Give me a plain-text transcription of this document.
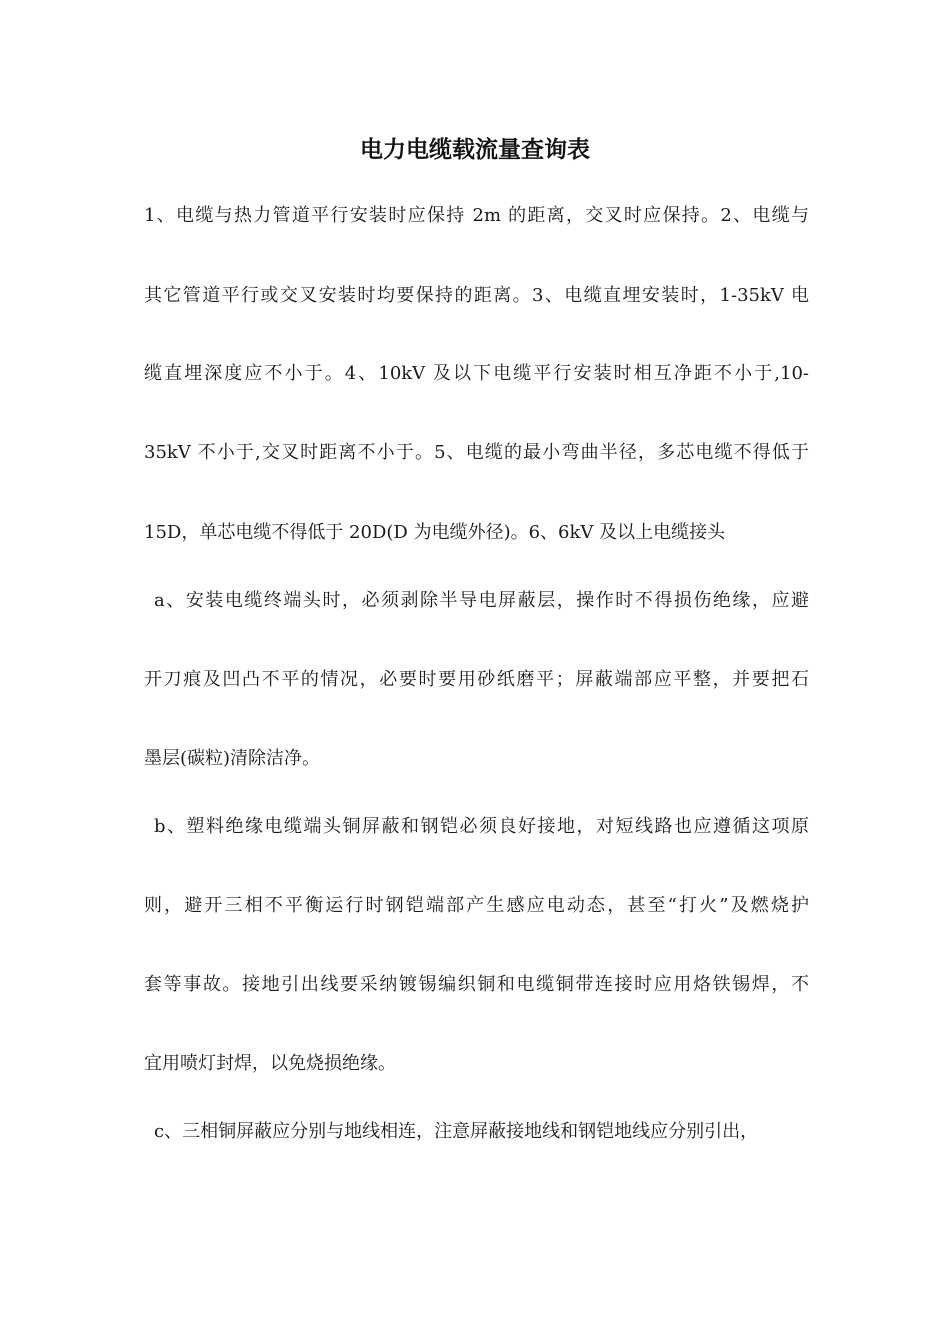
电力电缆载流量查询表

1、电缆与热力管道平行安装时应保持 2m 的距离，交叉时应保持。2、电缆与

其它管道平行或交叉安装时均要保持的距离。3、电缆直埋安装时，1-35kV 电

缆直埋深度应不小于。4、10kV 及以下电缆平行安装时相互净距不小于,10-

35kV 不小于,交叉时距离不小于。5、电缆的最小弯曲半径，多芯电缆不得低于

15D，单芯电缆不得低于 20D(D 为电缆外径)。6、6kV 及以上电缆接头

a、安装电缆终端头时，必须剥除半导电屏蔽层，操作时不得损伤绝缘，应避

开刀痕及凹凸不平的情况，必要时要用砂纸磨平；屏蔽端部应平整，并要把石

墨层(碳粒)清除洁净。

b、塑料绝缘电缆端头铜屏蔽和钢铠必须良好接地，对短线路也应遵循这项原

则，避开三相不平衡运行时钢铠端部产生感应电动态，甚至“打火”及燃烧护

套等事故。接地引出线要采纳镀锡编织铜和电缆铜带连接时应用烙铁锡焊，不

宜用喷灯封焊，以免烧损绝缘。

c、三相铜屏蔽应分别与地线相连，注意屏蔽接地线和钢铠地线应分别引出，
